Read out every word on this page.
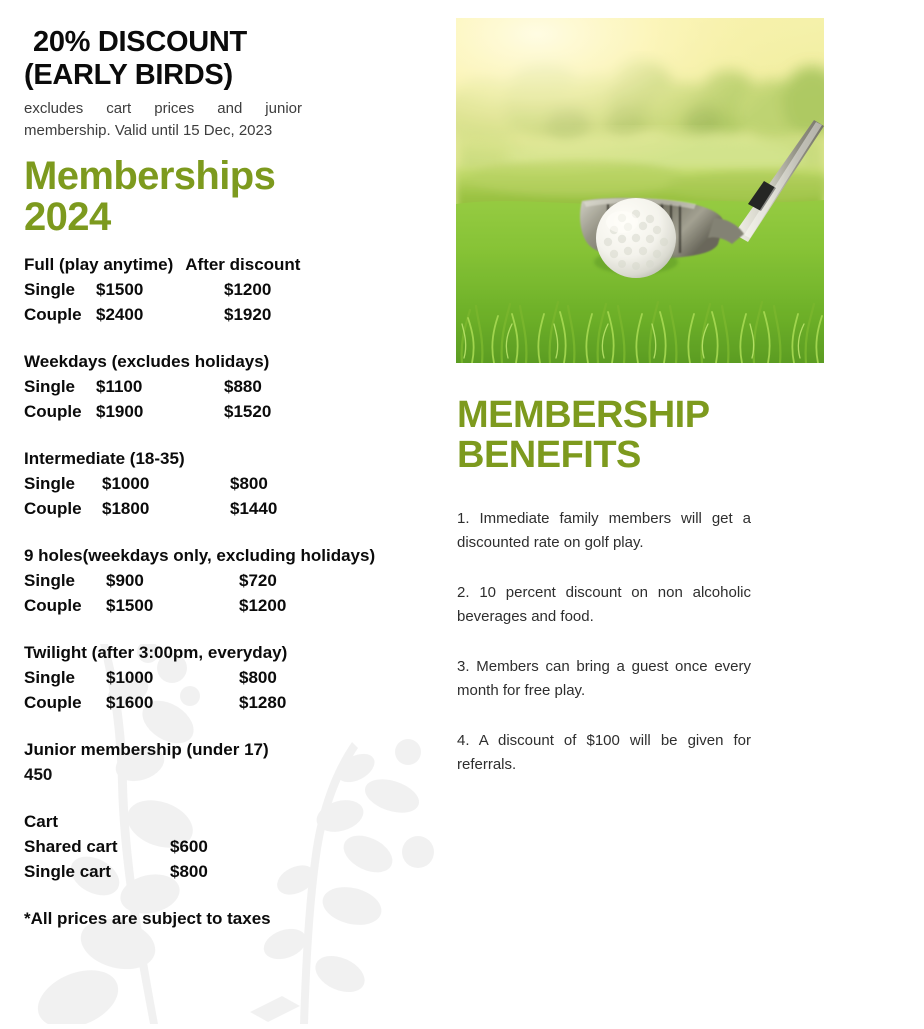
20% DISCOUNT
(EARLY BIRDS)

excludes cart prices and junior membership. Valid until 15 Dec, 2023

Memberships
2024
Full (play anytime) After discount
Single $1500	$1200
Couple $2400	$1920
Weekdays (excludes holidays)
Single $1100	$880
Couple $1900	$1520
Intermediate (18-35)
Single $1000	$800
Couple $1800	$1440
9 holes(weekdays only, excluding holidays)
Single $900	$720
Couple $1500	$1200
Twilight (after 3:00pm, everyday)
Single $1000	$800
Couple $1600	$1280
Junior membership (under 17)
450
Cart
Shared cart	$600
Single cart	$800
*All prices are subject to taxes
MEMBERSHIP
BENEFITS

1. Immediate family members will get a discounted rate on golf play.

2. 10 percent discount on non alcoholic beverages and food.

3. Members can bring a guest once every month for free play.

4. A discount of $100 will be given for referrals.
